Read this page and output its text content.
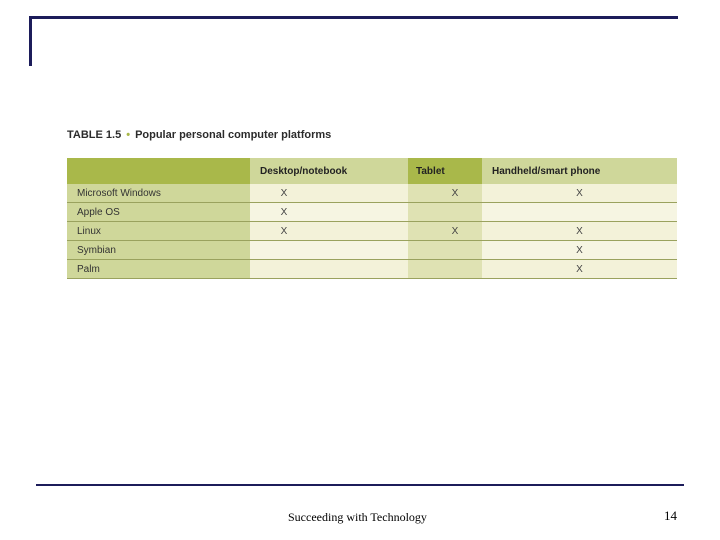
TABLE 1.5 • Popular personal computer platforms
	Desktop/notebook	Tablet	Handheld/smart phone
Microsoft Windows	X	X	X
Apple OS	X		
Linux	X	X	X
Symbian			X
Palm			X
Succeeding with Technology	14
